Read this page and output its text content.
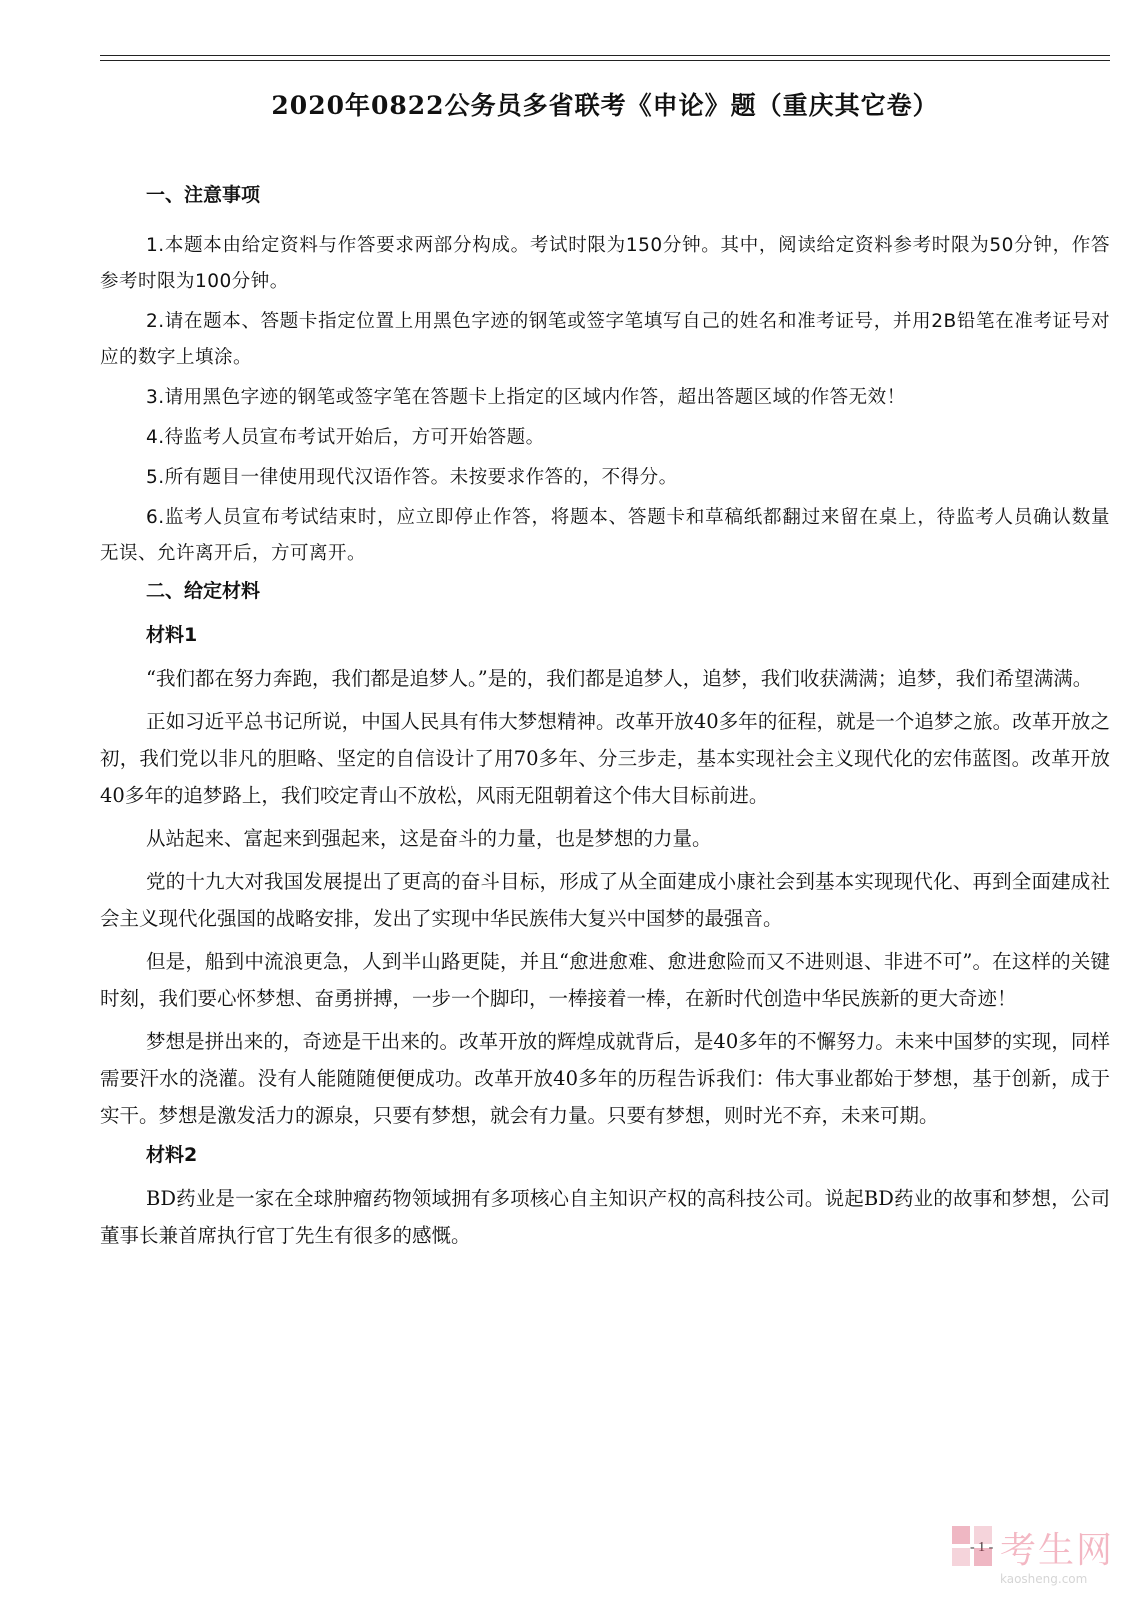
2020年0822公务员多省联考《申论》题（重庆其它卷）
一、注意事项

1.本题本由给定资料与作答要求两部分构成。考试时限为150分钟。其中，阅读给定资料参考时限为50分钟，作答参考时限为100分钟。

2.请在题本、答题卡指定位置上用黑色字迹的钢笔或签字笔填写自己的姓名和准考证号，并用2B铅笔在准考证号对应的数字上填涂。

3.请用黑色字迹的钢笔或签字笔在答题卡上指定的区域内作答，超出答题区域的作答无效！

4.待监考人员宣布考试开始后，方可开始答题。

5.所有题目一律使用现代汉语作答。未按要求作答的，不得分。

6.监考人员宣布考试结束时，应立即停止作答，将题本、答题卡和草稿纸都翻过来留在桌上，待监考人员确认数量无误、允许离开后，方可离开。

二、给定材料
材料1

“我们都在努力奔跑，我们都是追梦人。”是的，我们都是追梦人，追梦，我们收获满满；追梦，我们希望满满。

正如习近平总书记所说，中国人民具有伟大梦想精神。改革开放40多年的征程，就是一个追梦之旅。改革开放之初，我们党以非凡的胆略、坚定的自信设计了用70多年、分三步走，基本实现社会主义现代化的宏伟蓝图。改革开放40多年的追梦路上，我们咬定青山不放松，风雨无阻朝着这个伟大目标前进。

从站起来、富起来到强起来，这是奋斗的力量，也是梦想的力量。

党的十九大对我国发展提出了更高的奋斗目标，形成了从全面建成小康社会到基本实现现代化、再到全面建成社会主义现代化强国的战略安排，发出了实现中华民族伟大复兴中国梦的最强音。

但是，船到中流浪更急，人到半山路更陡，并且“愈进愈难、愈进愈险而又不进则退、非进不可”。在这样的关键时刻，我们要心怀梦想、奋勇拼搏，一步一个脚印，一棒接着一棒，在新时代创造中华民族新的更大奇迹！

梦想是拼出来的，奇迹是干出来的。改革开放的辉煌成就背后，是40多年的不懈努力。未来中国梦的实现，同样需要汗水的浇灌。没有人能随随便便成功。改革开放40多年的历程告诉我们：伟大事业都始于梦想，基于创新，成于实干。梦想是激发活力的源泉，只要有梦想，就会有力量。只要有梦想，则时光不弃，未来可期。

材料2

BD药业是一家在全球肿瘤药物领域拥有多项核心自主知识产权的高科技公司。说起BD药业的故事和梦想，公司董事长兼首席执行官丁先生有很多的感慨。

- 1 - 考生网
kaosheng.com
